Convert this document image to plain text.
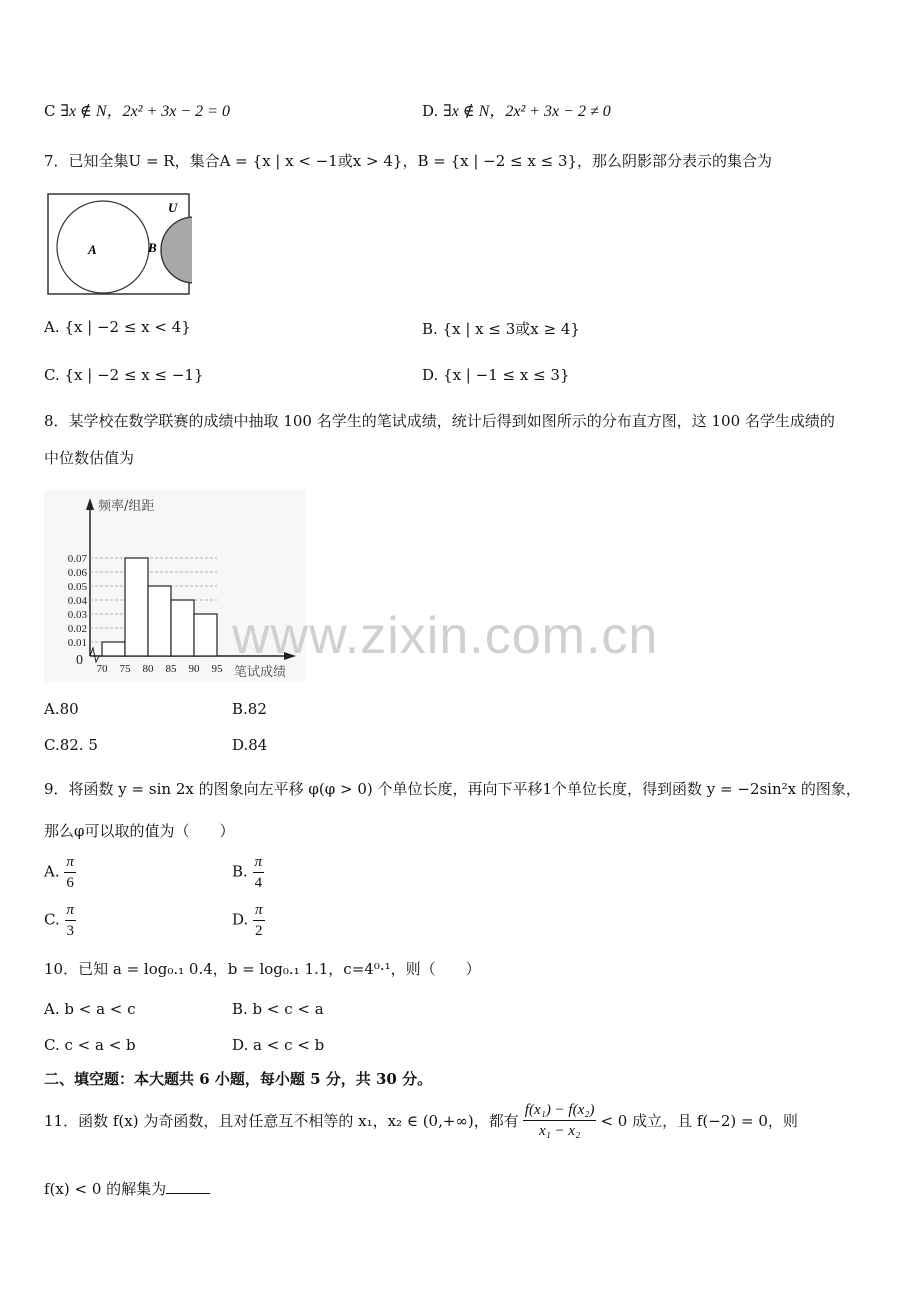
C ∃x ∉ N，2x² + 3x − 2 = 0	D. ∃x ∉ N，2x² + 3x − 2 ≠ 0
7．已知全集U = R，集合A = {x | x < −1或x > 4}，B = {x | −2 ≤ x ≤ 3}，那么阴影部分表示的集合为
U
A	B
A. {x | −2 ≤ x < 4}	B. {x | x ≤ 3或x ≥ 4}
C. {x | −2 ≤ x ≤ −1}	D. {x | −1 ≤ x ≤ 3}
8．某学校在数学联赛的成绩中抽取 100 名学生的笔试成绩，统计后得到如图所示的分布直方图，这 100 名学生成绩的
中位数估值为
0.01
0.02
0.03
0.04
0.05
0.06
0.07
70 75 80 85 90 95
0
频率/组距
笔试成绩
www.zixin.com.cn
A.80	B.82
C.82. 5	D.84
9．将函数 y = sin 2x 的图象向左平移 φ(φ > 0) 个单位长度，再向下平移1个单位长度，得到函数 y = −2sin²x 的图象，
那么φ可以取的值为（　　）
A. $\frac{\pi}{6}$	B. $\frac{\pi}{4}$
C. $\frac{\pi}{3}$	D. $\frac{\pi}{2}$
10．已知 a = log₀.₁ 0.4，b = log₀.₁ 1.1，c=4⁰·¹，则（　　）
A. b < a < c	B. b < c < a
C. c < a < b	D. a < c < b
二、填空题：本大题共 6 小题，每小题 5 分，共 30 分。
11．函数 f(x) 为奇函数，且对任意互不相等的 x₁，x₂ ∈ (0,+∞)，都有 $\frac{\text{f(x₁) − f(x₂)}}{\text{x₁ − x₂}} < 0$ 成立，且 f(−2) = 0，则
f(x) < 0 的解集为
